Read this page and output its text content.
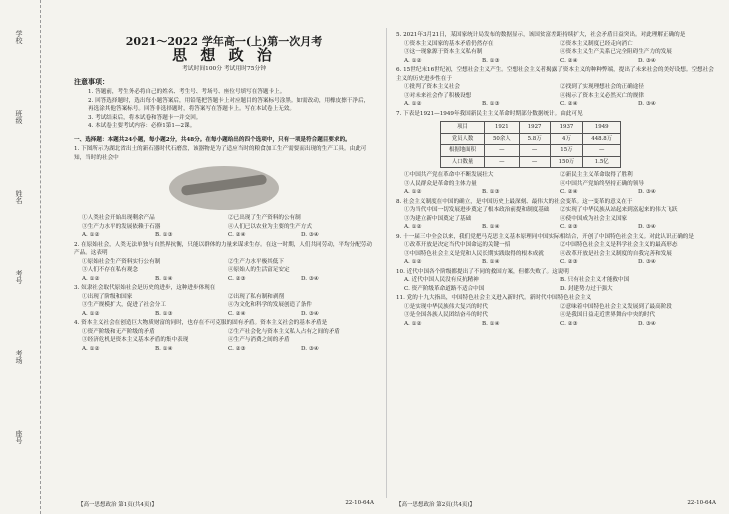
学校
班级
姓名
考号
考场
座号
2021～2022 学年高一(上)第一次月考
思 想 政 治
考试时间100分 考试用时75分钟
注意事项：
1. 答题前，考生务必将自己的姓名、考生号、考场号、座位号填写在答题卡上。
2. 回答选择题时，选出每小题答案后，用铅笔把答题卡上对应题目的答案标号涂黑。如需改动，用橡皮擦干净后，再选涂其他答案标号。回答非选择题时，将答案写在答题卡上。写在本试卷上无效。
3. 考试结束后，将本试卷和答题卡一并交回。
4. 本试卷主要考试内容：必修1第1—2课。
一、选择题：本题共24小题，每小题2分，共48分。在每小题给出的四个选项中，只有一项是符合题目要求的。
1. 下图所示为湖北省出土的新石器时代石磨盘，该器物是为了适应当时的粮食加工生产需要而出现的生产工具。由此可知，当时的社会中
①人类社会开始出现剩余产品	②已出现了生产资料的公有制
③生产力水平的发展依赖于石器	④人们已以农业为主要的生产方式
A. ①②	B. ①③	C. ②④	D. ③④
2. 在原始社会，人类无法单独与自然界抗衡，只能以群体的力量来谋求生存。在这一时期，人们共同劳动，平均分配劳动产品。这表明
①原始社会生产资料实行公有制	②生产力水平极其低下
③人们不存在私有观念	④原始人的生活富足安定
A. ①②	B. ①④	C. ②③	D. ③④
3. 奴隶社会取代原始社会是历史的进步，这种进步体现在
①出现了阶级和国家	②出现了私有制和剥削
③生产规模扩大，促进了社会分工	④为文化和科学的发展创造了条件
A. ①②	B. ①③	C. ②④	D. ③④
4. 资本主义社会在创造巨大物质财富的同时，也存在不可克服的固有矛盾。资本主义社会的基本矛盾是
①资产阶级和无产阶级的矛盾	②生产社会化与资本主义私人占有之间的矛盾
③经济危机是资本主义基本矛盾的集中表现	④生产与消费之间的矛盾
A. ①②	B. ①④	C. ②③	D. ③④
5. 2021年3月21日，某国家统计局发布的数据显示，该国贫富差距持续扩大，社会矛盾日益突出。对此理解正确的是
①资本主义国家的基本矛盾仍然存在	②资本主义制度已经走向消亡
③这一现象源于资本主义私有制	④资本主义生产关系已完全阻碍生产力的发展
A. ①②	B. ①③	C. ②④	D. ③④
6. 15世纪末16世纪初，空想社会主义产生。空想社会主义者揭露了资本主义的种种弊端，提出了未来社会的美好设想。空想社会主义的历史进步性在于
①批判了资本主义社会	②找到了实现理想社会的正确途径
③对未来社会作了积极设想	④揭示了资本主义必然灭亡的规律
A. ①②	B. ①③	C. ②④	D. ③④
7. 下表是1921—1949年我国新民主主义革命时期部分数据统计。由此可见
项目	1921	1927	1937	1949
党员人数	50余人	5.8万	4万	448.8万
根据地面积	—	—	15万	—
人口数量	—	—	150万	1.5亿
①中国共产党在革命中不断发展壮大	②新民主主义革命取得了胜利
③人民群众是革命的主体力量	④中国共产党始终坚持正确的领导
A. ①②	B. ①③	C. ②④	D. ③④
8. 社会主义制度在中国的确立，是中国历史上最深刻、最伟大的社会变革。这一变革的意义在于
①为当代中国一切发展进步奠定了根本政治前提和制度基础	②实现了中华民族从站起来到富起来的伟大飞跃
③为建立新中国奠定了基础	④使中国成为社会主义国家
A. ①②	B. ①④	C. ②③	D. ③④
9. 十一届三中全会以来，我们党把马克思主义基本原理同中国实际相结合，开创了中国特色社会主义。对此认识正确的是
①改革开放是决定当代中国命运的关键一招	②中国特色社会主义是科学社会主义的最高形态
③中国特色社会主义是党和人民长期实践取得的根本成就	④改革开放是社会主义制度的自我完善和发展
A. ①②	B. ①④	C. ②③	D. ③④
10. 近代中国各个阶级都提出了不同的救国方案，但都失败了。这说明
A. 近代中国人民没有反抗精神	B. 只有社会主义才能救中国
C. 资产阶级革命道路不适合中国	D. 封建势力过于强大
11. 党的十九大指出，中国特色社会主义进入新时代。新时代中国特色社会主义
①是实现中华民族伟大复兴的时代	②意味着中国特色社会主义发展到了最高阶段
③是全国各族人民团结奋斗的时代	④是我国日益走近世界舞台中央的时代
A. ①②	B. ①④	C. ②③	D. ③④
【高一思想政治 第1页(共4页)】	22-10-64A	【高一思想政治 第2页(共4页)】	22-10-64A
